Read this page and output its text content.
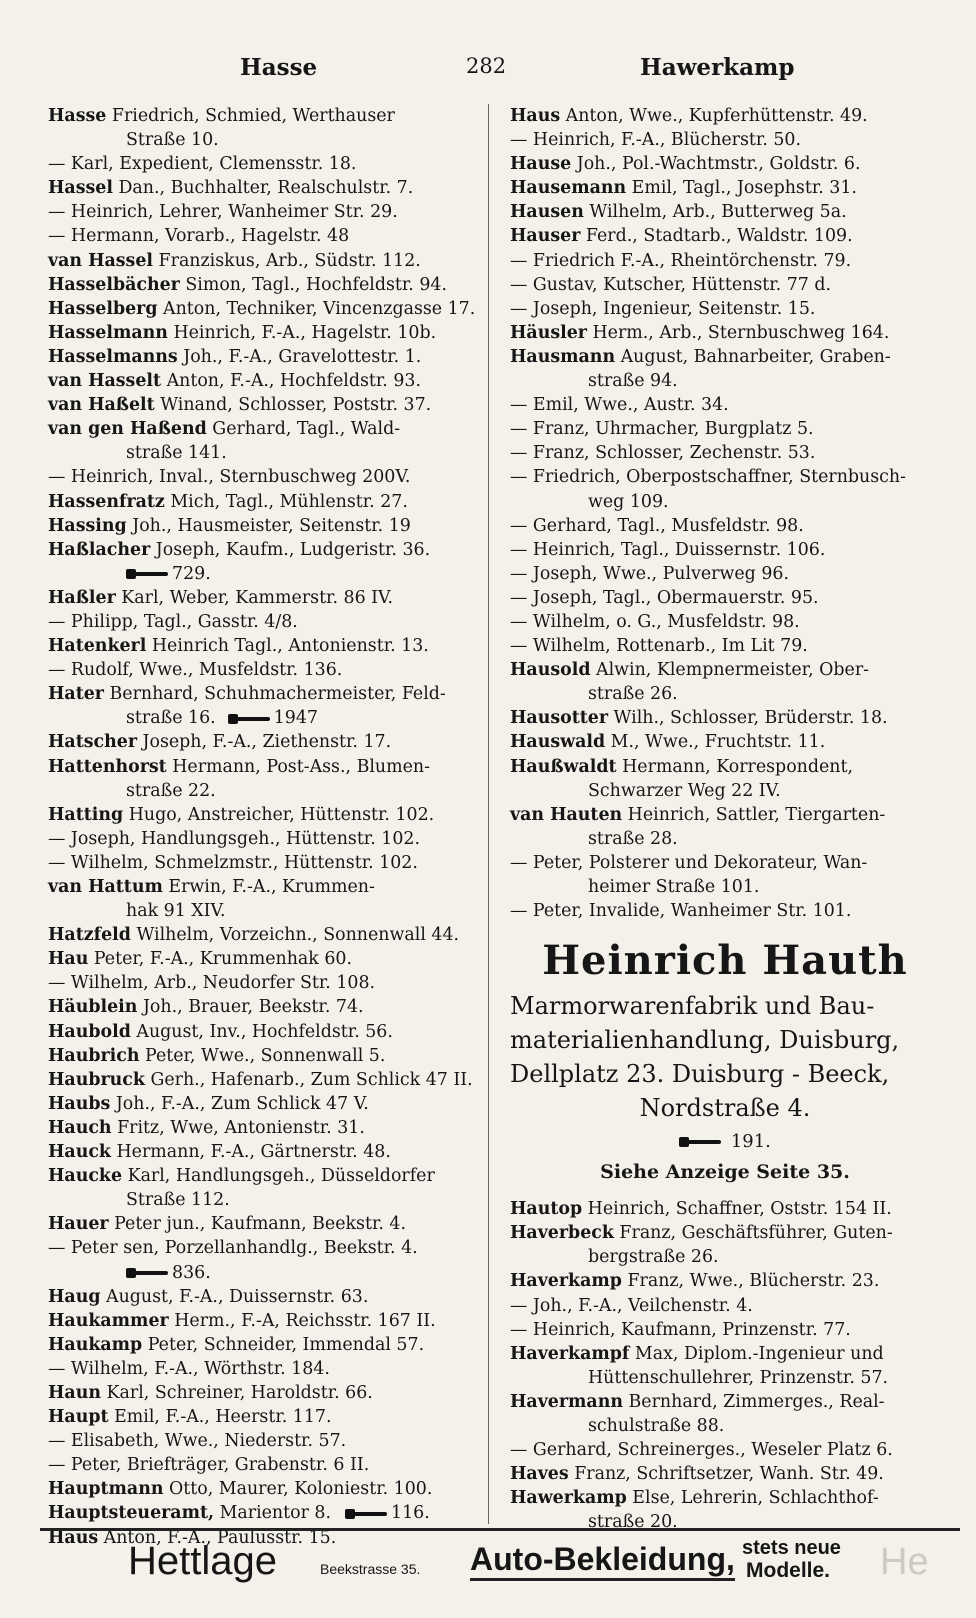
Hasse	282	Hawerkamp
Hasse Friedrich, Schmied, Werthauser
Straße 10.
— Karl, Expedient, Clemensstr. 18.
Hassel Dan., Buchhalter, Realschulstr. 7.
— Heinrich, Lehrer, Wanheimer Str. 29.
— Hermann, Vorarb., Hagelstr. 48
van Hassel Franziskus, Arb., Südstr. 112.
Hasselbächer Simon, Tagl., Hochfeldstr. 94.
Hasselberg Anton, Techniker, Vincenzgasse 17.
Hasselmann Heinrich, F.-A., Hagelstr. 10b.
Hasselmanns Joh., F.-A., Gravelottestr. 1.
van Hasselt Anton, F.-A., Hochfeldstr. 93.
van Haßelt Winand, Schlosser, Poststr. 37.
van gen Haßend Gerhard, Tagl., Wald-
straße 141.
— Heinrich, Inval., Sternbuschweg 200V.
Hassenfratz Mich, Tagl., Mühlenstr. 27.
Hassing Joh., Hausmeister, Seitenstr. 19
Haßlacher Joseph, Kaufm., Ludgeristr. 36.
729.
Haßler Karl, Weber, Kammerstr. 86 IV.
— Philipp, Tagl., Gasstr. 4/8.
Hatenkerl Heinrich Tagl., Antonienstr. 13.
— Rudolf, Wwe., Musfeldstr. 136.
Hater Bernhard, Schuhmachermeister, Feld-
straße 16.	1947
Hatscher Joseph, F.-A., Ziethenstr. 17.
Hattenhorst Hermann, Post-Ass., Blumen-
straße 22.
Hatting Hugo, Anstreicher, Hüttenstr. 102.
— Joseph, Handlungsgeh., Hüttenstr. 102.
— Wilhelm, Schmelzmstr., Hüttenstr. 102.
van Hattum Erwin, F.-A., Krummen-
hak 91 XIV.
Hatzfeld Wilhelm, Vorzeichn., Sonnenwall 44.
Hau Peter, F.-A., Krummenhak 60.
— Wilhelm, Arb., Neudorfer Str. 108.
Häublein Joh., Brauer, Beekstr. 74.
Haubold August, Inv., Hochfeldstr. 56.
Haubrich Peter, Wwe., Sonnenwall 5.
Haubruck Gerh., Hafenarb., Zum Schlick 47 II.
Haubs Joh., F.-A., Zum Schlick 47 V.
Hauch Fritz, Wwe, Antonienstr. 31.
Hauck Hermann, F.-A., Gärtnerstr. 48.
Haucke Karl, Handlungsgeh., Düsseldorfer
Straße 112.
Hauer Peter jun., Kaufmann, Beekstr. 4.
— Peter sen, Porzellanhandlg., Beekstr. 4.
836.
Haug August, F.-A., Duissernstr. 63.
Haukammer Herm., F.-A, Reichsstr. 167 II.
Haukamp Peter, Schneider, Immendal 57.
— Wilhelm, F.-A., Wörthstr. 184.
Haun Karl, Schreiner, Haroldstr. 66.
Haupt Emil, F.-A., Heerstr. 117.
— Elisabeth, Wwe., Niederstr. 57.
— Peter, Briefträger, Grabenstr. 6 II.
Hauptmann Otto, Maurer, Koloniestr. 100.
Hauptsteueramt, Marientor 8.	116.
Haus Anton, F.-A., Paulusstr. 15.
Haus Anton, Wwe., Kupferhüttenstr. 49.
— Heinrich, F.-A., Blücherstr. 50.
Hause Joh., Pol.-Wachtmstr., Goldstr. 6.
Hausemann Emil, Tagl., Josephstr. 31.
Hausen Wilhelm, Arb., Butterweg 5a.
Hauser Ferd., Stadtarb., Waldstr. 109.
— Friedrich F.-A., Rheintörchenstr. 79.
— Gustav, Kutscher, Hüttenstr. 77 d.
— Joseph, Ingenieur, Seitenstr. 15.
Häusler Herm., Arb., Sternbuschweg 164.
Hausmann August, Bahnarbeiter, Graben-
straße 94.
— Emil, Wwe., Austr. 34.
— Franz, Uhrmacher, Burgplatz 5.
— Franz, Schlosser, Zechenstr. 53.
— Friedrich, Oberpostschaffner, Sternbusch-
weg 109.
— Gerhard, Tagl., Musfeldstr. 98.
— Heinrich, Tagl., Duissernstr. 106.
— Joseph, Wwe., Pulverweg 96.
— Joseph, Tagl., Obermauerstr. 95.
— Wilhelm, o. G., Musfeldstr. 98.
— Wilhelm, Rottenarb., Im Lit 79.
Hausold Alwin, Klempnermeister, Ober-
straße 26.
Hausotter Wilh., Schlosser, Brüderstr. 18.
Hauswald M., Wwe., Fruchtstr. 11.
Haußwaldt Hermann, Korrespondent,
Schwarzer Weg 22 IV.
van Hauten Heinrich, Sattler, Tiergarten-
straße 28.
— Peter, Polsterer und Dekorateur, Wan-
heimer Straße 101.
— Peter, Invalide, Wanheimer Str. 101.
Heinrich Hauth
Marmorwarenfabrik und Bau-
materialienhandlung, Duisburg,
Dellplatz 23. Duisburg - Beeck,
Nordstraße 4.
191.
Siehe Anzeige Seite 35.
Hautop Heinrich, Schaffner, Oststr. 154 II.
Haverbeck Franz, Geschäftsführer, Guten-
bergstraße 26.
Haverkamp Franz, Wwe., Blücherstr. 23.
— Joh., F.-A., Veilchenstr. 4.
— Heinrich, Kaufmann, Prinzenstr. 77.
Haverkampf Max, Diplom.-Ingenieur und
Hüttenschullehrer, Prinzenstr. 57.
Havermann Bernhard, Zimmerges., Real-
schulstraße 88.
— Gerhard, Schreinerges., Weseler Platz 6.
Haves Franz, Schriftsetzer, Wanh. Str. 49.
Hawerkamp Else, Lehrerin, Schlachthof-
straße 20.
Hettlage	Beekstrasse 35. Auto-Bekleidung, stets neue
Modelle. He
